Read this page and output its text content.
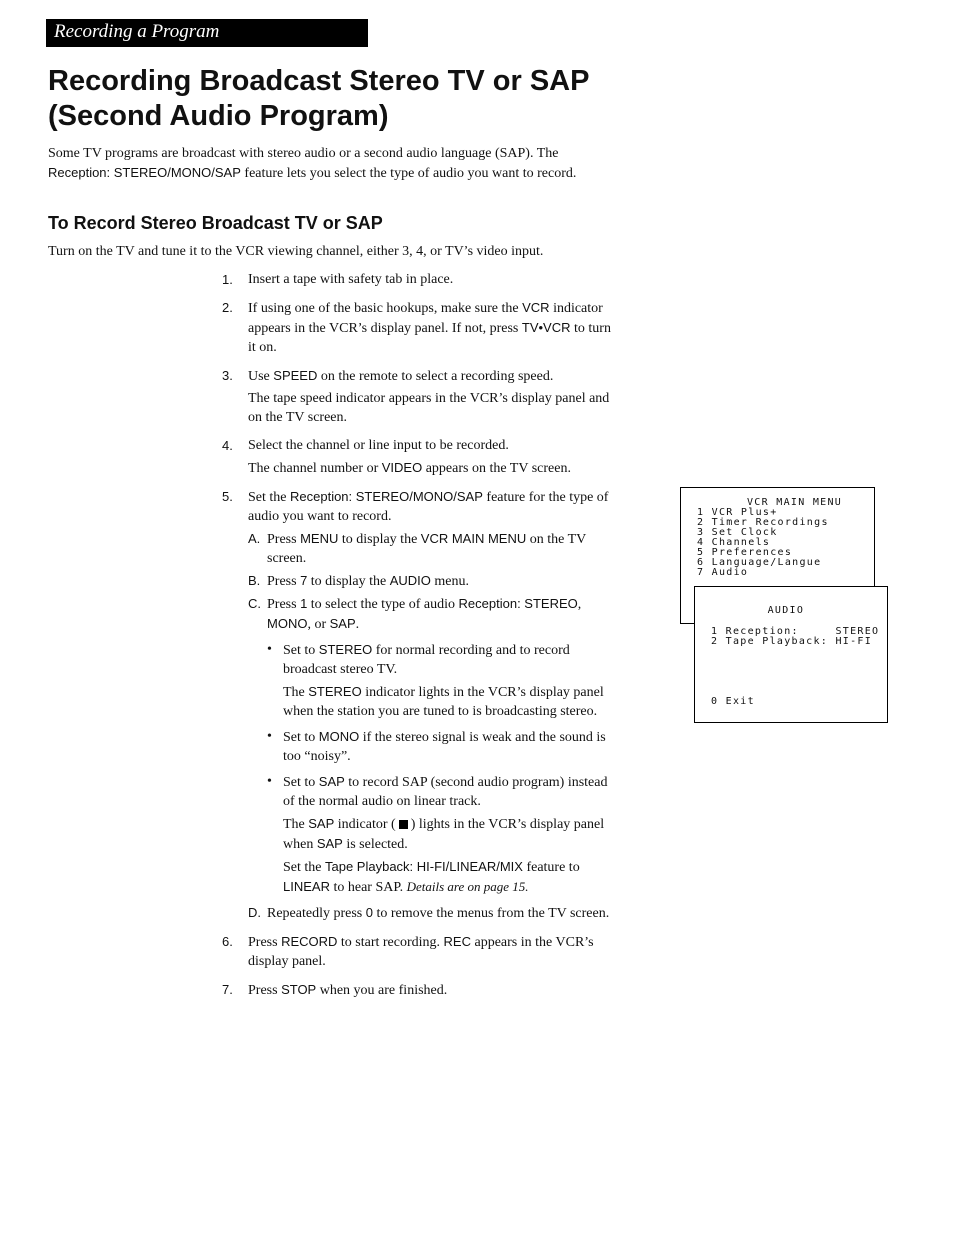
Recording a Program
Recording Broadcast Stereo TV or SAP
(Second Audio Program)

Some TV programs are broadcast with stereo audio or a second audio language (SAP). The Reception: STEREO/MONO/SAP feature lets you select the type of audio you want to record.

To Record Stereo Broadcast TV or SAP

Turn on the TV and tune it to the VCR viewing channel, either 3, 4, or TV’s video input.

1. Insert a tape with safety tab in place.

2. If using one of the basic hookups, make sure the VCR indicator appears in the VCR’s display panel. If not, press TV•VCR to turn it on.

3. Use SPEED on the remote to select a recording speed.

The tape speed indicator appears in the VCR’s display panel and on the TV screen.

4. Select the channel or line input to be recorded.

The channel number or VIDEO appears on the TV screen.

5. Set the Reception: STEREO/MONO/SAP feature for the type of audio you want to record.

A. Press MENU to display the VCR MAIN MENU on the TV screen.

B. Press 7 to display the AUDIO menu.

C. Press 1 to select the type of audio Reception: STEREO, MONO, or SAP.

• Set to STEREO for normal recording and to record broadcast stereo TV.

The STEREO indicator lights in the VCR’s display panel when the station you are tuned to is broadcasting stereo.

• Set to MONO if the stereo signal is weak and the sound is too “noisy”.

• Set to SAP to record SAP (second audio program) instead of the normal audio on linear track.

The SAP indicator ( ) lights in the VCR’s display panel when SAP is selected.

Set the Tape Playback: HI-FI/LINEAR/MIX feature to LINEAR to hear SAP. Details are on page 15.

D. Repeatedly press 0 to remove the menus from the TV screen.

6. Press RECORD to start recording. REC appears in the VCR’s display panel.

7. Press STOP when you are finished.

VCR MAIN MENU

1 VCR Plus+

2 Timer Recordings

3 Set Clock

4 Channels

5 Preferences

6 Language/Langue

7 Audio

AUDIO

1 Reception:     STEREO

2 Tape Playback: HI-FI

0 Exit
